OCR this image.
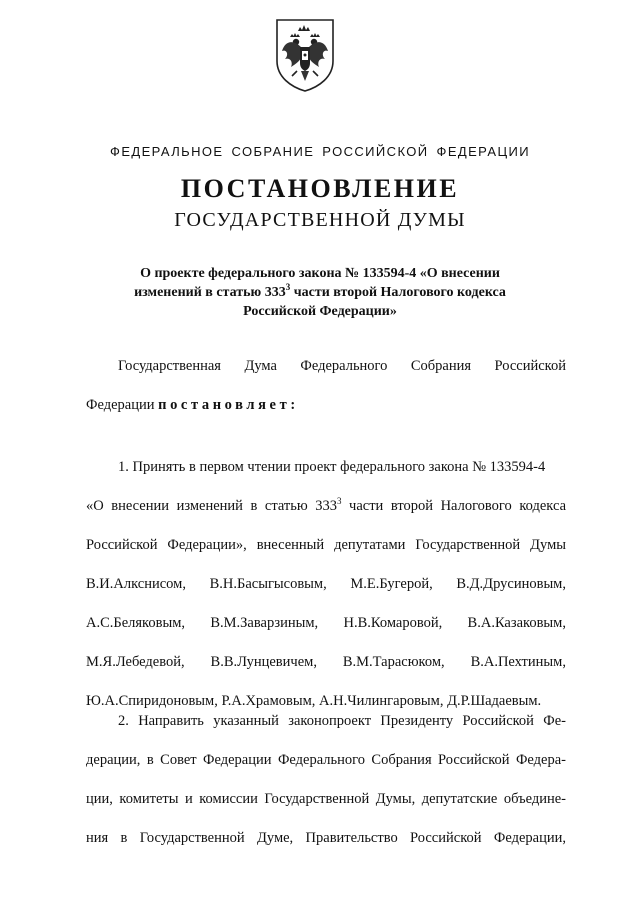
ФЕДЕРАЛЬНОЕ СОБРАНИЕ РОССИЙСКОЙ ФЕДЕРАЦИИ
ПОСТАНОВЛЕНИЕ
ГОСУДАРСТВЕННОЙ ДУМЫ
О проекте федерального закона № 133594-4 «О внесении
изменений в статью $333^3$ части второй Налогового кодекса
Российской Федерации»
Государственная Дума Федерального Собрания Российской
Федерации постановляет:
1. Принять в первом чтении проект федерального закона № 133594-4
«О внесении изменений в статью $333^3$ части второй Налогового кодекса
Российской Федерации», внесенный депутатами Государственной Думы
В.И.Алкснисом, В.Н.Басыгысовым, М.Е.Бугерой, В.Д.Друсиновым,
А.С.Беляковым, В.М.Заварзиным, Н.В.Комаровой, В.А.Казаковым,
М.Я.Лебедевой, В.В.Лунцевичем, В.М.Тарасюком, В.А.Пехтиным,
Ю.А.Спиридоновым, Р.А.Храмовым, А.Н.Чилингаровым, Д.Р.Шадаевым.
2. Направить указанный законопроект Президенту Российской Фе-
дерации, в Совет Федерации Федерального Собрания Российской Федера-
ции, комитеты и комиссии Государственной Думы, депутатские объедине-
ния в Государственной Думе, Правительство Российской Федерации,
